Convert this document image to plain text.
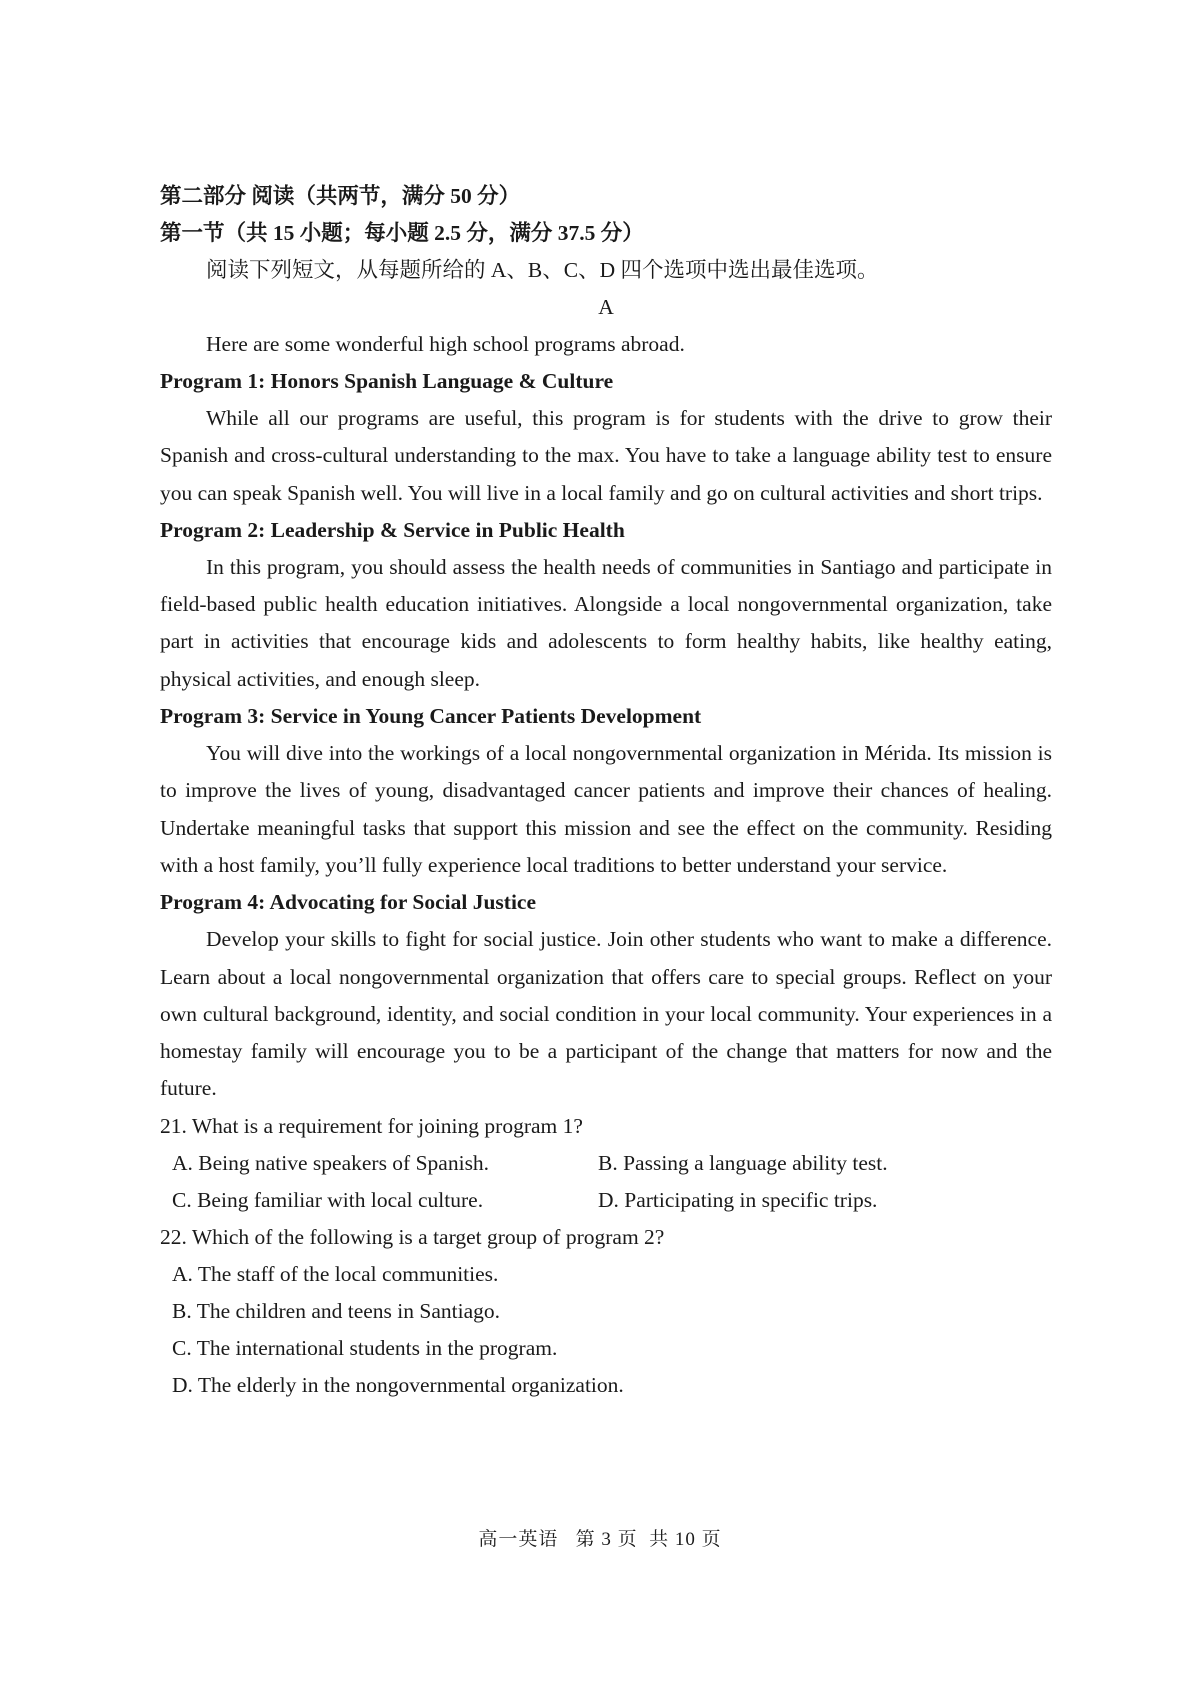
第二部分 阅读（共两节，满分 50 分）
第一节（共 15 小题；每小题 2.5 分，满分 37.5 分）
阅读下列短文，从每题所给的 A、B、C、D 四个选项中选出最佳选项。
A
Here are some wonderful high school programs abroad.
Program 1: Honors Spanish Language & Culture

While all our programs are useful, this program is for students with the drive to grow their Spanish and cross-cultural understanding to the max. You have to take a language ability test to ensure you can speak Spanish well. You will live in a local family and go on cultural activities and short trips.

Program 2: Leadership & Service in Public Health

In this program, you should assess the health needs of communities in Santiago and participate in field-based public health education initiatives. Alongside a local nongovernmental organization, take part in activities that encourage kids and adolescents to form healthy habits, like healthy eating, physical activities, and enough sleep.

Program 3: Service in Young Cancer Patients Development

You will dive into the workings of a local nongovernmental organization in Mérida. Its mission is to improve the lives of young, disadvantaged cancer patients and improve their chances of healing. Undertake meaningful tasks that support this mission and see the effect on the community. Residing with a host family, you’ll fully experience local traditions to better understand your service.

Program 4: Advocating for Social Justice

Develop your skills to fight for social justice. Join other students who want to make a difference. Learn about a local nongovernmental organization that offers care to special groups. Reflect on your own cultural background, identity, and social condition in your local community. Your experiences in a homestay family will encourage you to be a participant of the change that matters for now and the future.

21. What is a requirement for joining program 1?
A. Being native speakers of Spanish.	B. Passing a language ability test.
C. Being familiar with local culture.	D. Participating in specific trips.
22. Which of the following is a target group of program 2?
A. The staff of the local communities.
B. The children and teens in Santiago.
C. The international students in the program.
D. The elderly in the nongovernmental organization.
高一英语   第 3 页  共 10 页
